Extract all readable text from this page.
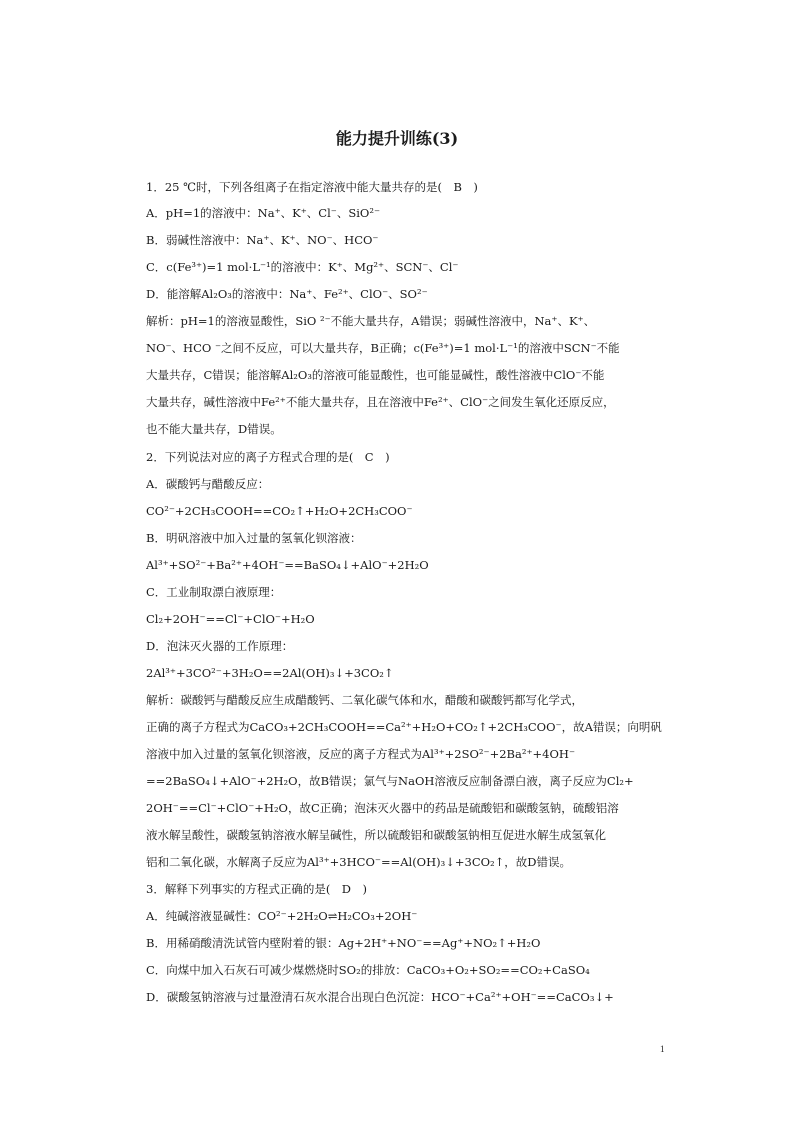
能力提升训练(3)
1．25 ℃时，下列各组离子在指定溶液中能大量共存的是(　B　)
A．pH=1的溶液中：Na⁺、K⁺、Cl⁻、SiO²⁻
B．弱碱性溶液中：Na⁺、K⁺、NO⁻、HCO⁻
C．c(Fe³⁺)=1 mol·L⁻¹的溶液中：K⁺、Mg²⁺、SCN⁻、Cl⁻
D．能溶解Al₂O₃的溶液中：Na⁺、Fe²⁺、ClO⁻、SO²⁻
解析：pH=1的溶液显酸性，SiO ²⁻不能大量共存，A错误；弱碱性溶液中，Na⁺、K⁺、
NO⁻、HCO ⁻之间不反应，可以大量共存，B正确；c(Fe³⁺)=1 mol·L⁻¹的溶液中SCN⁻不能
大量共存，C错误；能溶解Al₂O₃的溶液可能显酸性，也可能显碱性，酸性溶液中ClO⁻不能
大量共存，碱性溶液中Fe²⁺不能大量共存，且在溶液中Fe²⁺、ClO⁻之间发生氧化还原反应，
也不能大量共存，D错误。
2．下列说法对应的离子方程式合理的是(　C　)
A．碳酸钙与醋酸反应：
CO²⁻+2CH₃COOH==CO₂↑+H₂O+2CH₃COO⁻
B．明矾溶液中加入过量的氢氧化钡溶液：
Al³⁺+SO²⁻+Ba²⁺+4OH⁻==BaSO₄↓+AlO⁻+2H₂O
C．工业制取漂白液原理：
Cl₂+2OH⁻==Cl⁻+ClO⁻+H₂O
D．泡沫灭火器的工作原理：
2Al³⁺+3CO²⁻+3H₂O==2Al(OH)₃↓+3CO₂↑
解析：碳酸钙与醋酸反应生成醋酸钙、二氧化碳气体和水，醋酸和碳酸钙都写化学式，
正确的离子方程式为CaCO₃+2CH₃COOH==Ca²⁺+H₂O+CO₂↑+2CH₃COO⁻，故A错误；向明矾
溶液中加入过量的氢氧化钡溶液，反应的离子方程式为Al³⁺+2SO²⁻+2Ba²⁺+4OH⁻
==2BaSO₄↓+AlO⁻+2H₂O，故B错误；氯气与NaOH溶液反应制备漂白液，离子反应为Cl₂+
2OH⁻==Cl⁻+ClO⁻+H₂O，故C正确；泡沫灭火器中的药品是硫酸铝和碳酸氢钠，硫酸铝溶
液水解呈酸性，碳酸氢钠溶液水解呈碱性，所以硫酸铝和碳酸氢钠相互促进水解生成氢氧化
铝和二氧化碳，水解离子反应为Al³⁺+3HCO⁻==Al(OH)₃↓+3CO₂↑，故D错误。
3．解释下列事实的方程式正确的是(　D　)
A．纯碱溶液显碱性：CO²⁻+2H₂O⇌H₂CO₃+2OH⁻
B．用稀硝酸清洗试管内壁附着的银：Ag+2H⁺+NO⁻==Ag⁺+NO₂↑+H₂O
C．向煤中加入石灰石可减少煤燃烧时SO₂的排放：CaCO₃+O₂+SO₂==CO₂+CaSO₄
D．碳酸氢钠溶液与过量澄清石灰水混合出现白色沉淀：HCO⁻+Ca²⁺+OH⁻==CaCO₃↓+
1
